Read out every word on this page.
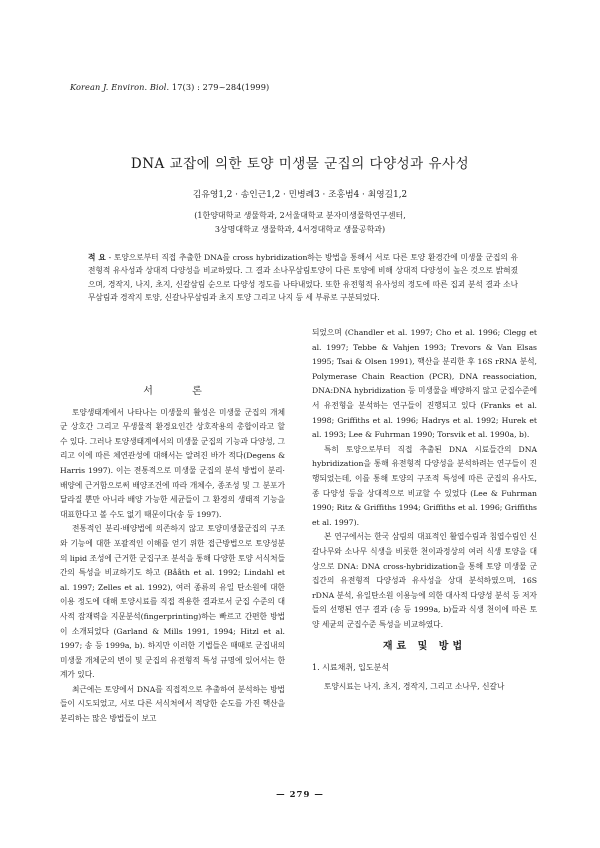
Korean J. Environ. Biol. 17(3) : 279~284(1999)
DNA 교잡에 의한 토양 미생물 군집의 다양성과 유사성
김유영1,2 · 송인근1,2 · 민병례3 · 조홍범4 · 최영길1,2
(1한양대학교 생물학과, 2서울대학교 분자미생물학연구센터,
3상명대학교 생물학과, 4서경대학교 생물공학과)
적 요 - 토양으로부터 직접 추출한 DNA를 cross hybridization하는 방법을 통해서 서로 다른 토양 환경간에 미생물 군집의 유전형적 유사성과 상대적 다양성을 비교하였다. 그 결과 소나무삼림토양이 다른 토양에 비해 상대적 다양성이 높은 것으로 밝혀졌으며, 경작지, 나지, 초지, 신갈삼림 순으로 다양성 정도를 나타내었다. 또한 유전형적 유사성의 정도에 따른 집괴 분석 결과 소나무삼림과 경작지 토양, 신갈나무삼림과 초지 토양 그리고 나지 등 세 부류로 구분되었다.
서 론

토양생태계에서 나타나는 미생물의 활성은 미생물 군집의 개체군 상호간 그리고 무생물적 환경요인간 상호작용의 총합이라고 할 수 있다. 그러나 토양생태계에서의 미생물 군집의 기능과 다양성, 그리고 이에 따른 체연관성에 대해서는 알려진 바가 적다(Degens & Harris 1997). 이는 전통적으로 미생물 군집의 분석 방법이 분리·배양에 근거함으로써 배양조건에 따라 개체수, 종조성 및 그 분포가 달라질 뿐만 아니라 배양 가능한 세균들이 그 환경의 생태적 기능을 대표한다고 볼 수도 없기 때문이다(송 등 1997).

전통적인 분리·배양법에 의존하지 않고 토양미생물군집의 구조와 기능에 대한 포괄적인 이해를 얻기 위한 접근방법으로 토양성분의 lipid 조성에 근거한 군집구조 분석을 통해 다양한 토양 서식처들간의 특성을 비교하기도 하고 (Bååth et al. 1992; Lindahl et al. 1997; Zelles et al. 1992), 여러 종류의 유일 탄소원에 대한 이용 정도에 대해 토양시료를 직접 적용한 결과로서 군집 수준의 대사적 잠재력을 지문분석(fingerprinting)하는 빠르고 간편한 방법이 소개되었다 (Garland & Mills 1991, 1994; Hitzl et al. 1997; 송 등 1999a, b). 하지만 이러한 기법들은 때때로 군집내의 미생물 개체군의 변이 및 군집의 유전형적 특성 규명에 있어서는 한계가 있다.

최근에는 토양에서 DNA를 직접적으로 추출하여 분석하는 방법들이 시도되었고, 서로 다른 서식처에서 적당한 순도를 가진 핵산을 분리하는 많은 방법들이 보고

되었으며 (Chandler et al. 1997; Cho et al. 1996; Clegg et al. 1997; Tebbe & Vahjen 1993; Trevors & Van Elsas 1995; Tsai & Olsen 1991), 핵산을 분리한 후 16S rRNA 분석, Polymerase Chain Reaction (PCR), DNA reassociation, DNA:DNA hybridization 등 미생물을 배양하지 않고 군집수준에서 유전형을 분석하는 연구들이 진행되고 있다 (Franks et al. 1998; Griffiths et al. 1996; Hadrys et al. 1992; Hurek et al. 1993; Lee & Fuhrman 1990; Torsvik et al. 1990a, b).

특히 토양으로부터 직접 추출된 DNA 시료들간의 DNA hybridization을 통해 유전형적 다양성을 분석하려는 연구들이 진행되었는데, 이를 통해 토양의 구조적 특성에 따른 군집의 유사도, 종 다양성 등을 상대적으로 비교할 수 있었다 (Lee & Fuhrman 1990; Ritz & Griffiths 1994; Griffiths et al. 1996; Griffiths et al. 1997).

본 연구에서는 한국 삼림의 대표적인 활엽수림과 침엽수림인 신갈나무와 소나무 식생을 비롯한 천이과정상의 여러 식생 토양을 대상으로 DNA: DNA cross-hybridization을 통해 토양 미생물 군집간의 유전형적 다양성과 유사성을 상대 분석하였으며, 16S rDNA 분석, 유일탄소원 이용능에 의한 대사적 다양성 분석 등 저자들의 선행된 연구 결과 (송 등 1999a, b)들과 식생 천이에 따른 토양 세균의 군집수준 특성을 비교하였다.

재료 및 방법
1. 시료채취, 입도분석

토양시료는 나지, 초지, 경작지, 그리고 소나무, 신갈나

— 279 —
